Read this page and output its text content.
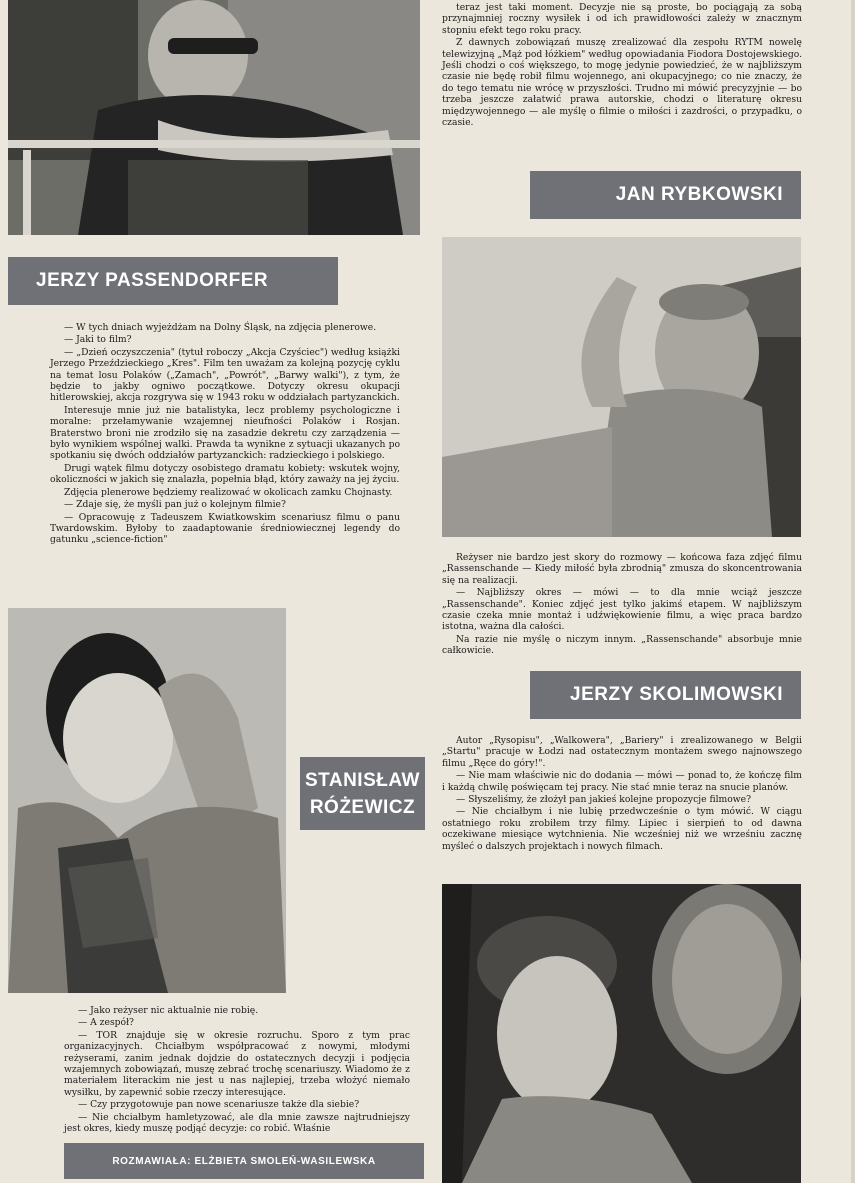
JERZY PASSENDORFER

— W tych dniach wyjeżdżam na Dolny Śląsk, na zdjęcia plenerowe.

— Jaki to film?

— „Dzień oczyszczenia" (tytuł roboczy „Akcja Czyściec") według książki Jerzego Przeździeckiego „Kres". Film ten uważam za kolejną pozycję cyklu na temat losu Polaków („Zamach", „Powrót", „Barwy walki"), z tym, że będzie to jakby ogniwo początkowe. Dotyczy okresu okupacji hitlerowskiej, akcja rozgrywa się w 1943 roku w oddziałach partyzanckich.

Interesuje mnie już nie batalistyka, lecz problemy psychologiczne i moralne: przełamywanie wzajemnej nieufności Polaków i Rosjan. Braterstwo broni nie zrodziło się na zasadzie dekretu czy zarządzenia — było wynikiem wspólnej walki. Prawda ta wynikne z sytuacji ukazanych po spotkaniu się dwóch oddziałów partyzanckich: radzieckiego i polskiego.

Drugi wątek filmu dotyczy osobistego dramatu kobiety: wskutek wojny, okoliczności w jakich się znalazła, popełnia błąd, który zaważy na jej życiu.

Zdjęcia plenerowe będziemy realizować w okolicach zamku Chojnasty.

— Zdaje się, że myśli pan już o kolejnym filmie?

— Opracowuję z Tadeuszem Kwiatkowskim scenariusz filmu o panu Twardowskim. Byłoby to zaadaptowanie średniowiecznej legendy do gatunku „science-fiction"

STANISŁAW
RÓŻEWICZ

— Jako reżyser nic aktualnie nie robię.

— A zespół?

— TOR znajduje się w okresie rozruchu. Sporo z tym prac organizacyjnych. Chciałbym współpracować z nowymi, młodymi reżyserami, zanim jednak dojdzie do ostatecznych decyzji i podjęcia wzajemnych zobowiązań, muszę zebrać trochę scenariuszy. Wiadomo że z materiałem literackim nie jest u nas najlepiej, trzeba włożyć niemało wysiłku, by zapewnić sobie rzeczy interesujące.

— Czy przygotowuje pan nowe scenariusze także dla siebie?

— Nie chciałbym hamletyzować, ale dla mnie zawsze najtrudniejszy jest okres, kiedy muszę podjąć decyzje: co robić. Właśnie

ROZMAWIAŁA: ELŻBIETA SMOLEŃ-WASILEWSKA

teraz jest taki moment. Decyzje nie są proste, bo pociągają za sobą przynajmniej roczny wysiłek i od ich prawidłowości zależy w znacznym stopniu efekt tego roku pracy.

Z dawnych zobowiązań muszę zrealizować dla zespołu RYTM nowelę telewizyjną „Mąż pod łóżkiem" według opowiadania Fiodora Dostojewskiego. Jeśli chodzi o coś większego, to mogę jedynie powiedzieć, że w najbliższym czasie nie będę robił filmu wojennego, ani okupacyjnego; co nie znaczy, że do tego tematu nie wrócę w przyszłości. Trudno mi mówić precyzyjnie — bo trzeba jeszcze załatwić prawa autorskie, chodzi o literaturę okresu międzywojennego — ale myślę o filmie o miłości i zazdrości, o przypadku, o czasie.

JAN RYBKOWSKI

Reżyser nie bardzo jest skory do rozmowy — końcowa faza zdjęć filmu „Rassenschande — Kiedy miłość była zbrodnią" zmusza do skoncentrowania się na realizacji.

— Najbliższy okres — mówi — to dla mnie wciąż jeszcze „Rassenschande". Koniec zdjęć jest tylko jakimś etapem. W najbliższym czasie czeka mnie montaż i udźwiękowienie filmu, a więc praca bardzo istotna, ważna dla całości.

Na razie nie myślę o niczym innym. „Rassenschande" absorbuje mnie całkowicie.

JERZY SKOLIMOWSKI

Autor „Rysopisu", „Walkowera", „Bariery" i zrealizowanego w Belgii „Startu" pracuje w Łodzi nad ostatecznym montażem swego najnowszego filmu „Ręce do góry!".

— Nie mam właściwie nic do dodania — mówi — ponad to, że kończę film i każdą chwilę poświęcam tej pracy. Nie stać mnie teraz na snucie planów.

— Słyszeliśmy, że złożył pan jakieś kolejne propozycje filmowe?

— Nie chciałbym i nie lubię przedwcześnie o tym mówić. W ciągu ostatniego roku zrobiłem trzy filmy. Lipiec i sierpień to od dawna oczekiwane miesiące wytchnienia. Nie wcześniej niż we wrześniu zacznę myśleć o dalszych projektach i nowych filmach.
